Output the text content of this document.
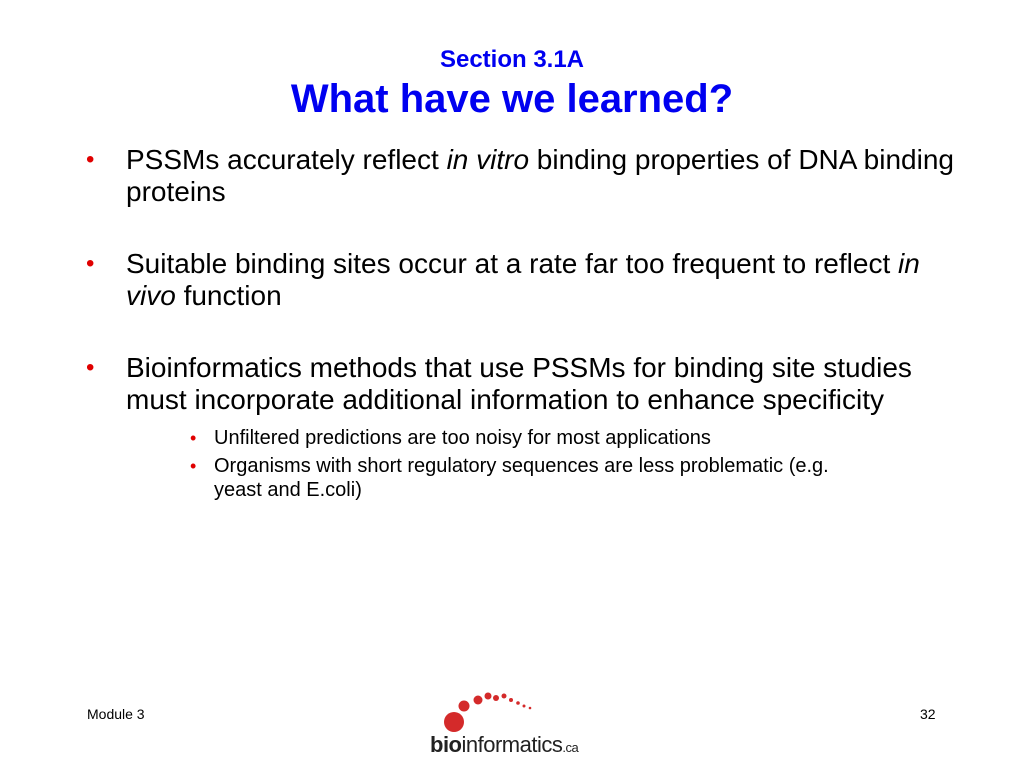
Section 3.1A
What have we learned?
• PSSMs accurately reflect in vitro binding properties of DNA binding proteins
• Suitable binding sites occur at a rate far too frequent to reflect in vivo function
• Bioinformatics methods that use PSSMs for binding site studies must incorporate additional information to enhance specificity
• Unfiltered predictions are too noisy for most applications
• Organisms with short regulatory sequences are less problematic (e.g. yeast and E.coli)
Module 3	32
bioinformatics.ca
